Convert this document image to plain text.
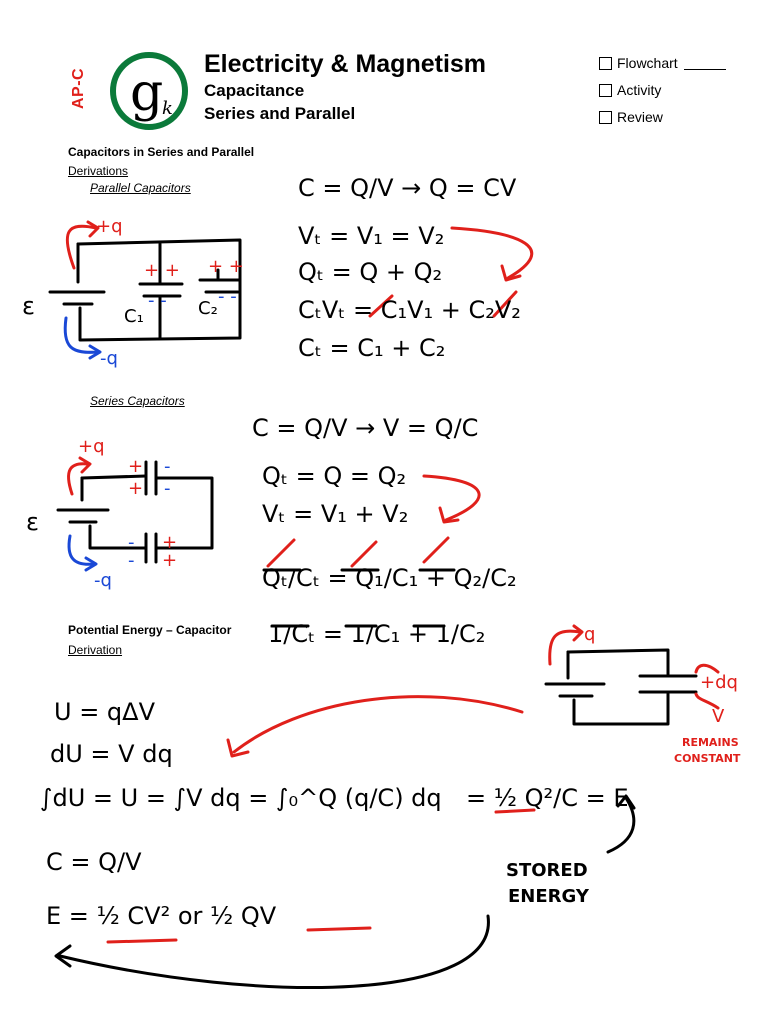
AP-C g
k
Electricity & Magnetism
Capacitance
Series and Parallel
Flowchart
Activity
Review
Capacitors in Series and Parallel
Derivations
Parallel Capacitors
Series Capacitors
Potential Energy – Capacitor
Derivation
+q
-q
ε	C₁	C₂
+ + + +
- -	- -
C = Q/V → Q = CV
Vₜ = V₁ = V₂
Qₜ = Q + Q₂
CₜVₜ = C₁V₁ + C₂V₂
Cₜ = C₁ + C₂
+q
-q
ε
+
+
-
-
-
-
+
+
C = Q/V → V = Q/C
Qₜ = Q = Q₂
Vₜ = V₁ + V₂
Qₜ/Cₜ = Q₁/C₁ + Q₂/C₂
1/Cₜ = 1/C₁ + 1/C₂	q
+dq
V
REMAINS
CONSTANT
U = qΔV
dU = V dq
∫dU = U = ∫V dq = ∫₀^Q (q/C) dq = ½ Q²/C = E
C = Q/V
E = ½ CV² or ½ QV
STORED
ENERGY
